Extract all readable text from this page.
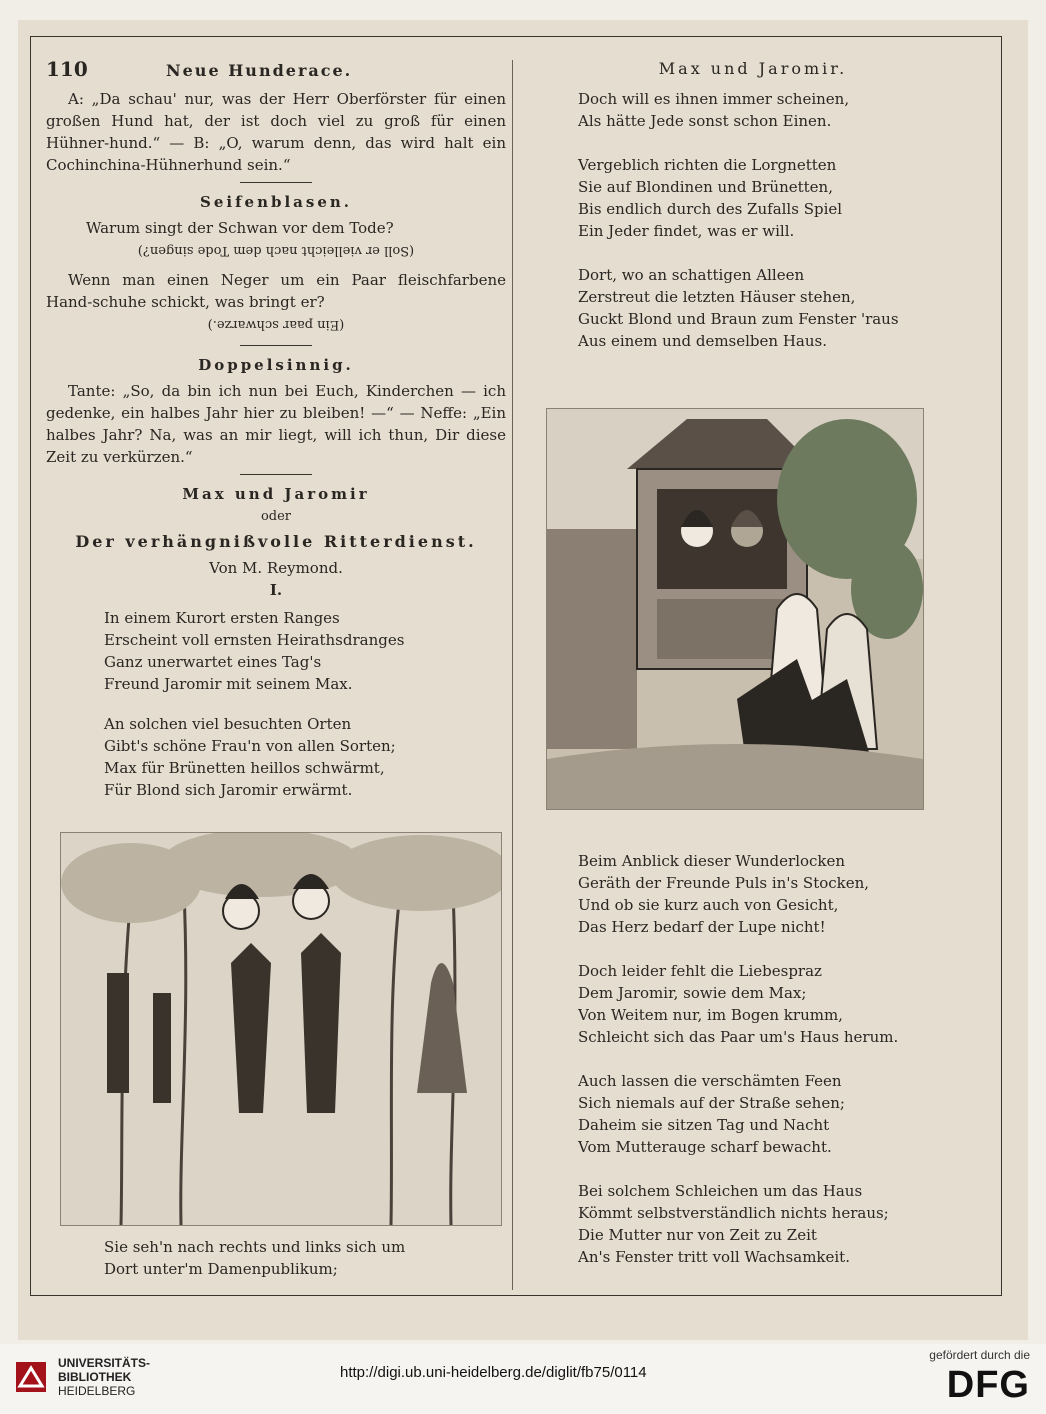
110	Neue Hunderace.

A: „Da schau' nur, was der Herr Oberförster für einen großen Hund hat, der ist doch viel zu groß für einen Hühner-hund.“ — B: „O, warum denn, das wird halt ein Cochinchina-Hühnerhund sein.“

Seifenblasen.
Warum singt der Schwan vor dem Tode?
(Soll er vielleicht nach dem Tode singen?)

Wenn man einen Neger um ein Paar fleischfarbene Hand-schuhe schickt, was bringt er?

(Ein paar schwarze.)
Doppelsinnig.

Tante: „So, da bin ich nun bei Euch, Kinderchen — ich gedenke, ein halbes Jahr hier zu bleiben! —“ — Neffe: „Ein halbes Jahr? Na, was an mir liegt, will ich thun, Dir diese Zeit zu verkürzen.“

Max und Jaromir
oder
Der verhängnißvolle Ritterdienst.
Von M. Reymond.
I.
In einem Kurort ersten Ranges
Erscheint voll ernsten Heirathsdranges
Ganz unerwartet eines Tag's
Freund Jaromir mit seinem Max.
An solchen viel besuchten Orten
Gibt's schöne Frau'n von allen Sorten;
Max für Brünetten heillos schwärmt,
Für Blond sich Jaromir erwärmt.
Sie seh'n nach rechts und links sich um
Dort unter'm Damenpublikum;
Max und Jaromir.
Doch will es ihnen immer scheinen,
Als hätte Jede sonst schon Einen.
Vergeblich richten die Lorgnetten
Sie auf Blondinen und Brünetten,
Bis endlich durch des Zufalls Spiel
Ein Jeder findet, was er will.
Dort, wo an schattigen Alleen
Zerstreut die letzten Häuser stehen,
Guckt Blond und Braun zum Fenster 'raus
Aus einem und demselben Haus.
Beim Anblick dieser Wunderlocken
Geräth der Freunde Puls in's Stocken,
Und ob sie kurz auch von Gesicht,
Das Herz bedarf der Lupe nicht!
Doch leider fehlt die Liebespraz
Dem Jaromir, sowie dem Max;
Von Weitem nur, im Bogen krumm,
Schleicht sich das Paar um's Haus herum.
Auch lassen die verschämten Feen
Sich niemals auf der Straße sehen;
Daheim sie sitzen Tag und Nacht
Vom Mutterauge scharf bewacht.
Bei solchem Schleichen um das Haus
Kömmt selbstverständlich nichts heraus;
Die Mutter nur von Zeit zu Zeit
An's Fenster tritt voll Wachsamkeit.
UNIVERSITÄTS-
BIBLIOTHEK
HEIDELBERG
http://digi.ub.uni-heidelberg.de/diglit/fb75/0114
gefördert durch die
DFG
